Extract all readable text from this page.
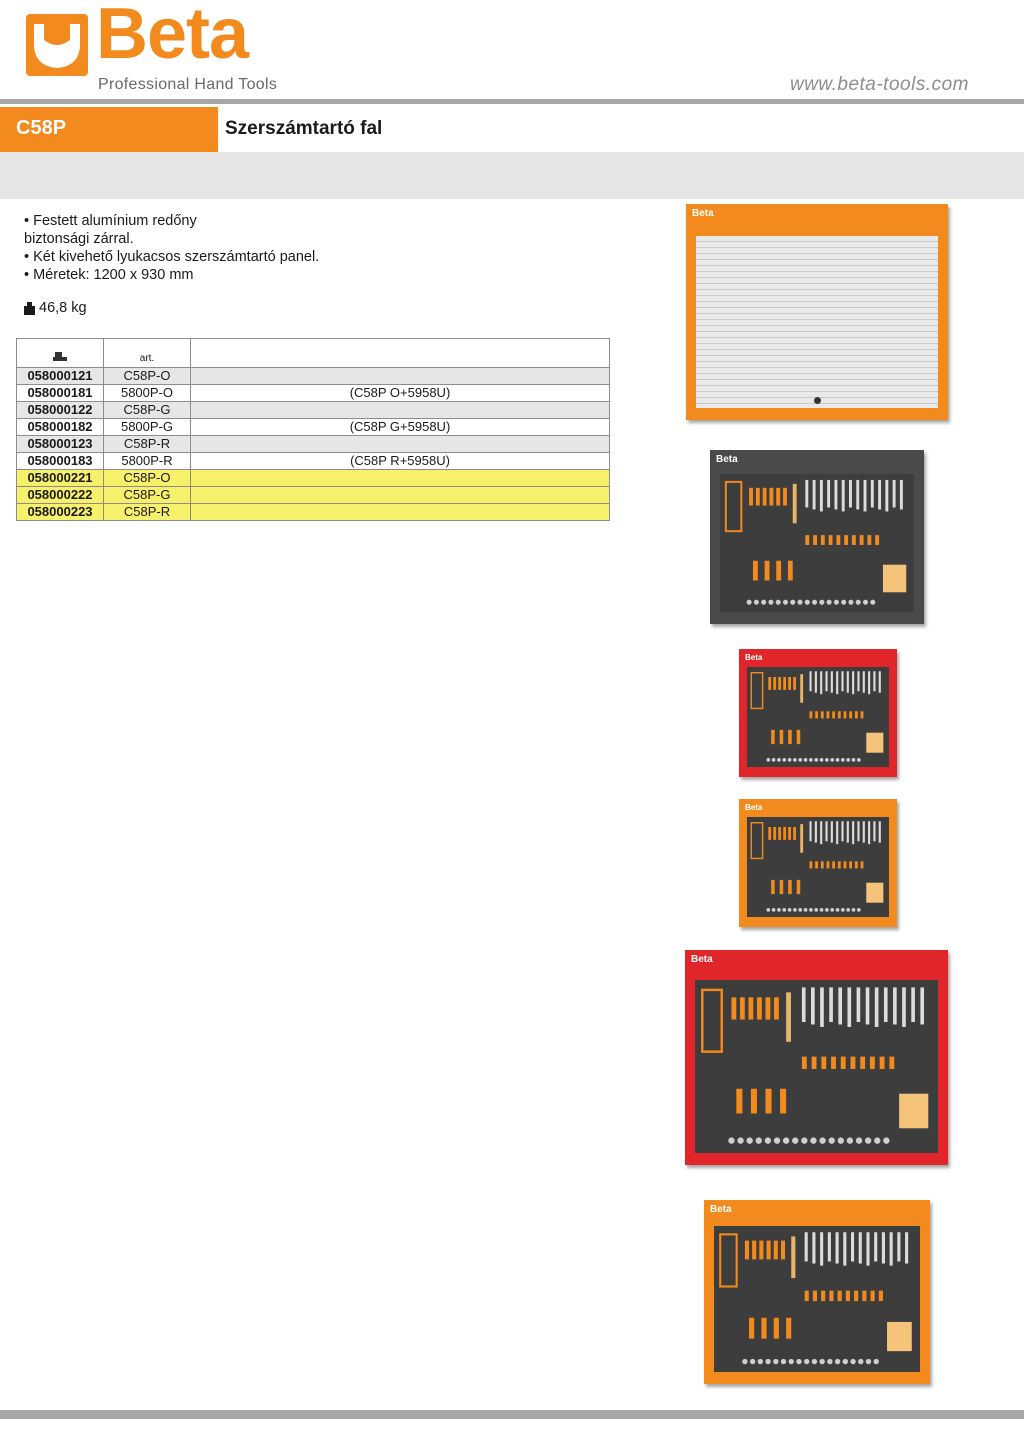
Beta
Professional Hand Tools	www.beta-tools.com
C58P	Szerszámtartó fal
• Festett alumínium redőny
biztonsági zárral.
• Két kivehető lyukacsos szerszámtartó panel.
• Méretek: 1200 x 930 mm
46,8 kg
	art.	
058000121	C58P-O	
058000181	5800P-O	(C58P O+5958U)
058000122	C58P-G	
058000182	5800P-G	(C58P G+5958U)
058000123	C58P-R	
058000183	5800P-R	(C58P R+5958U)
058000221	C58P-O	
058000222	C58P-G	
058000223	C58P-R	
Beta
Beta
Beta
Beta
Beta
Beta
